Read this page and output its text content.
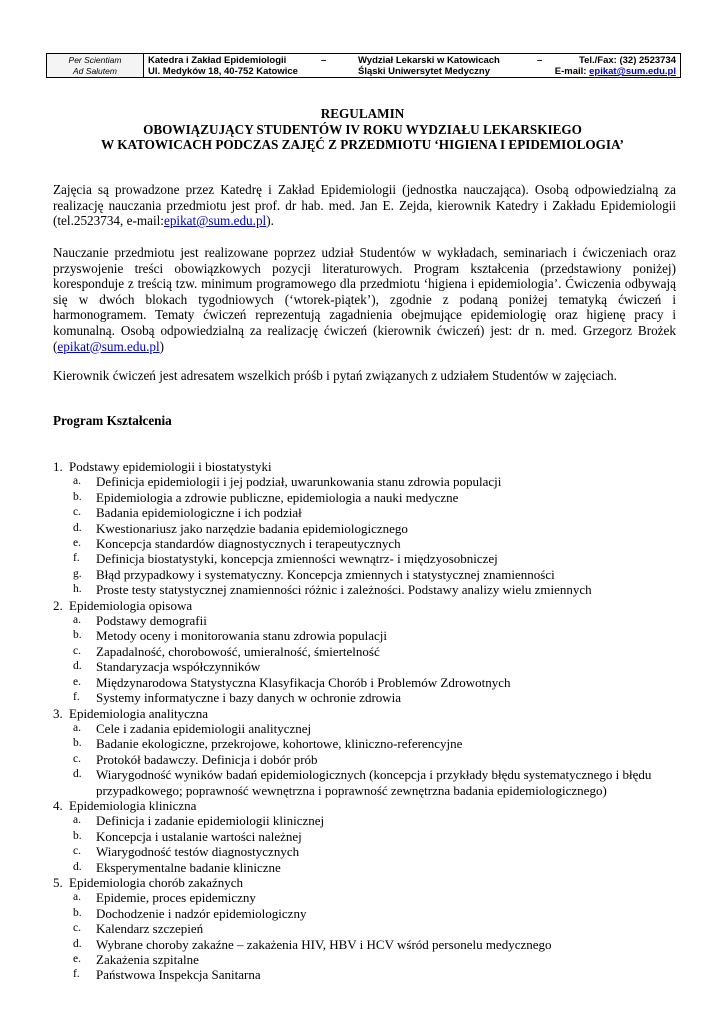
Per Scientiam
Ad Salutem
Katedra i Zakład Epidemiologii	–	Wydział Lekarski w Katowicach	–	Tel./Fax: (32) 2523734
Ul. Medyków 18, 40-752 Katowice	Śląski Uniwersytet Medyczny	E-mail: epikat@sum.edu.pl
REGULAMIN
OBOWIĄZUJĄCY STUDENTÓW IV ROKU WYDZIAŁU LEKARSKIEGO
W KATOWICACH PODCZAS ZAJĘĆ Z PRZEDMIOTU ‘HIGIENA I EPIDEMIOLOGIA’
Zajęcia są prowadzone przez Katedrę i Zakład Epidemiologii (jednostka nauczająca). Osobą odpowiedzialną za realizację nauczania przedmiotu jest prof. dr hab. med. Jan E. Zejda, kierownik Katedry i Zakładu Epidemiologii (tel.2523734, e-mail:epikat@sum.edu.pl).
Nauczanie przedmiotu jest realizowane poprzez udział Studentów w wykładach, seminariach i ćwiczeniach oraz przyswojenie treści obowiązkowych pozycji literaturowych. Program kształcenia (przedstawiony poniżej) koresponduje z treścią tzw. minimum programowego dla przedmiotu ‘higiena i epidemiologia’. Ćwiczenia odbywają się w dwóch blokach tygodniowych (‘wtorek-piątek’), zgodnie z podaną poniżej tematyką ćwiczeń i harmonogramem. Tematy ćwiczeń reprezentują zagadnienia obejmujące epidemiologię oraz higienę pracy i komunalną. Osobą odpowiedzialną za realizację ćwiczeń (kierownik ćwiczeń) jest: dr n. med. Grzegorz Brożek (epikat@sum.edu.pl)
Kierownik ćwiczeń jest adresatem wszelkich próśb i pytań związanych z udziałem Studentów w zajęciach.
Program Kształcenia
1. Podstawy epidemiologii i biostatystyki
a. Definicja epidemiologii i jej podział, uwarunkowania stanu zdrowia populacji
b. Epidemiologia a zdrowie publiczne, epidemiologia a nauki medyczne
c. Badania epidemiologiczne i ich podział
d. Kwestionariusz jako narzędzie badania epidemiologicznego
e. Koncepcja standardów diagnostycznych i terapeutycznych
f. Definicja biostatystyki, koncepcja zmienności wewnątrz- i międzyosobniczej
g. Błąd przypadkowy i systematyczny. Koncepcja zmiennych i statystycznej znamienności
h. Proste testy statystycznej znamienności różnic i zależności. Podstawy analizy wielu zmiennych
2. Epidemiologia opisowa
a. Podstawy demografii
b. Metody oceny i monitorowania stanu zdrowia populacji
c. Zapadalność, chorobowość, umieralność, śmiertelność
d. Standaryzacja współczynników
e. Międzynarodowa Statystyczna Klasyfikacja Chorób i Problemów Zdrowotnych
f. Systemy informatyczne i bazy danych w ochronie zdrowia
3. Epidemiologia analityczna
a. Cele i zadania epidemiologii analitycznej
b. Badanie ekologiczne, przekrojowe, kohortowe, kliniczno-referencyjne
c. Protokół badawczy. Definicja i dobór prób
d. Wiarygodność wyników badań epidemiologicznych (koncepcja i przykłady błędu systematycznego i błędu przypadkowego; poprawność wewnętrzna i poprawność zewnętrzna badania epidemiologicznego)
4. Epidemiologia kliniczna
a. Definicja i zadanie epidemiologii klinicznej
b. Koncepcja i ustalanie wartości należnej
c. Wiarygodność testów diagnostycznych
d. Eksperymentalne badanie kliniczne
5. Epidemiologia chorób zakaźnych
a. Epidemie, proces epidemiczny
b. Dochodzenie i nadzór epidemiologiczny
c. Kalendarz szczepień
d. Wybrane choroby zakaźne – zakażenia HIV, HBV i HCV wśród personelu medycznego
e. Zakażenia szpitalne
f. Państwowa Inspekcja Sanitarna
